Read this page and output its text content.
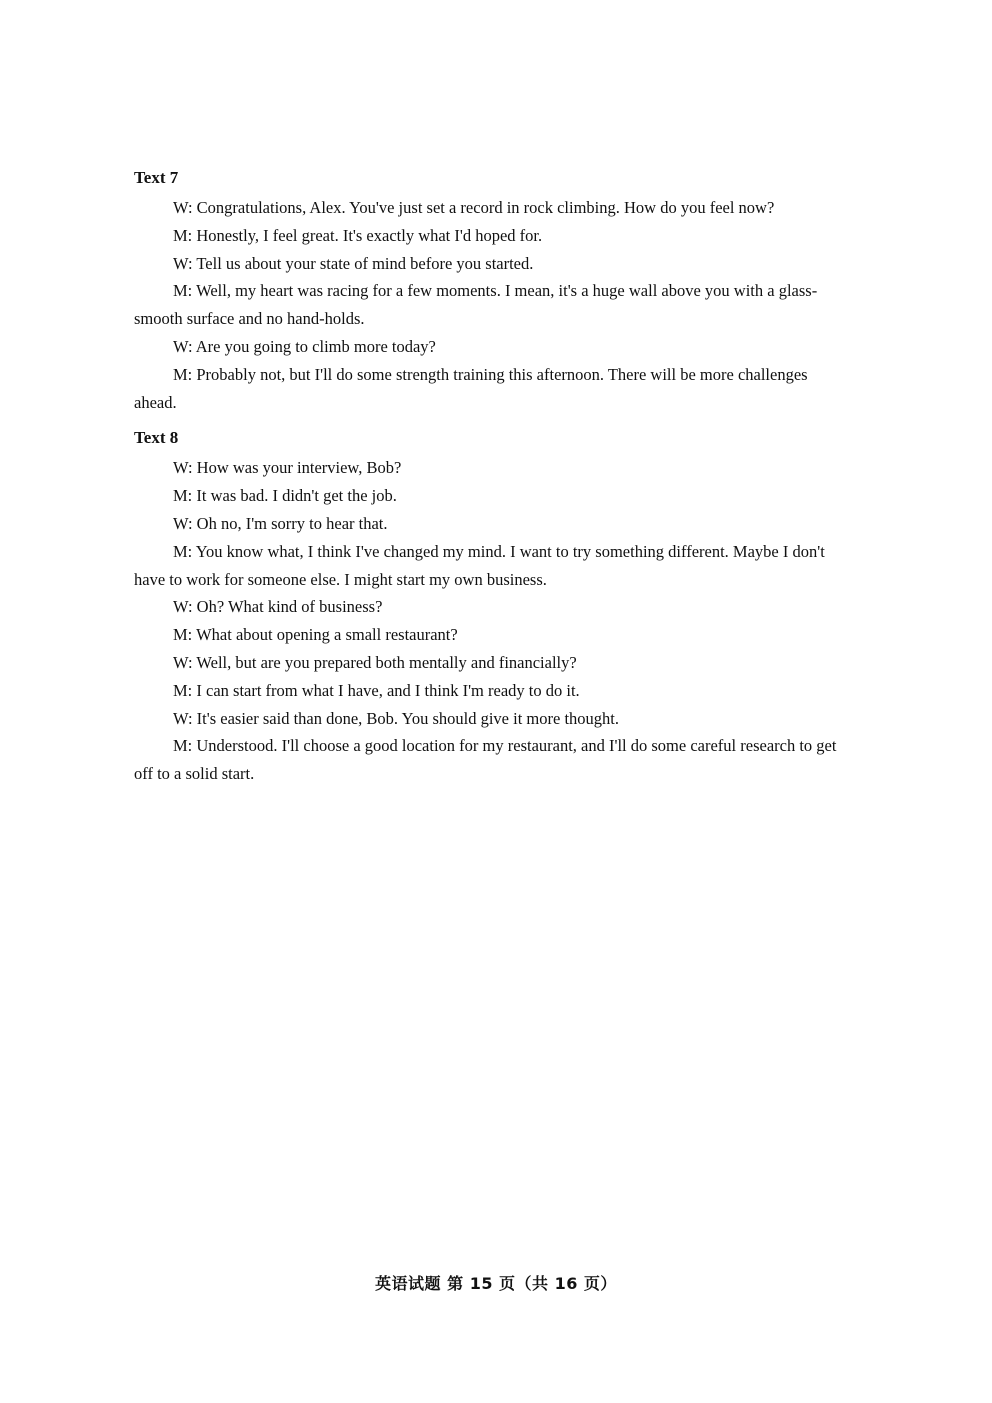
Text 7

W: Congratulations, Alex. You've just set a record in rock climbing. How do you feel now?

M: Honestly, I feel great. It's exactly what I'd hoped for.

W: Tell us about your state of mind before you started.

M: Well, my heart was racing for a few moments. I mean, it's a huge wall above you with a glass-smooth surface and no hand-holds.

W: Are you going to climb more today?

M: Probably not, but I'll do some strength training this afternoon. There will be more challenges ahead.

Text 8

W: How was your interview, Bob?

M: It was bad. I didn't get the job.

W: Oh no, I'm sorry to hear that.

M: You know what, I think I've changed my mind. I want to try something different. Maybe I don't have to work for someone else. I might start my own business.

W: Oh? What kind of business?

M: What about opening a small restaurant?

W: Well, but are you prepared both mentally and financially?

M: I can start from what I have, and I think I'm ready to do it.

W: It's easier said than done, Bob. You should give it more thought.

M: Understood. I'll choose a good location for my restaurant, and I'll do some careful research to get off to a solid start.

英语试题 第 15 页（共 16 页）
